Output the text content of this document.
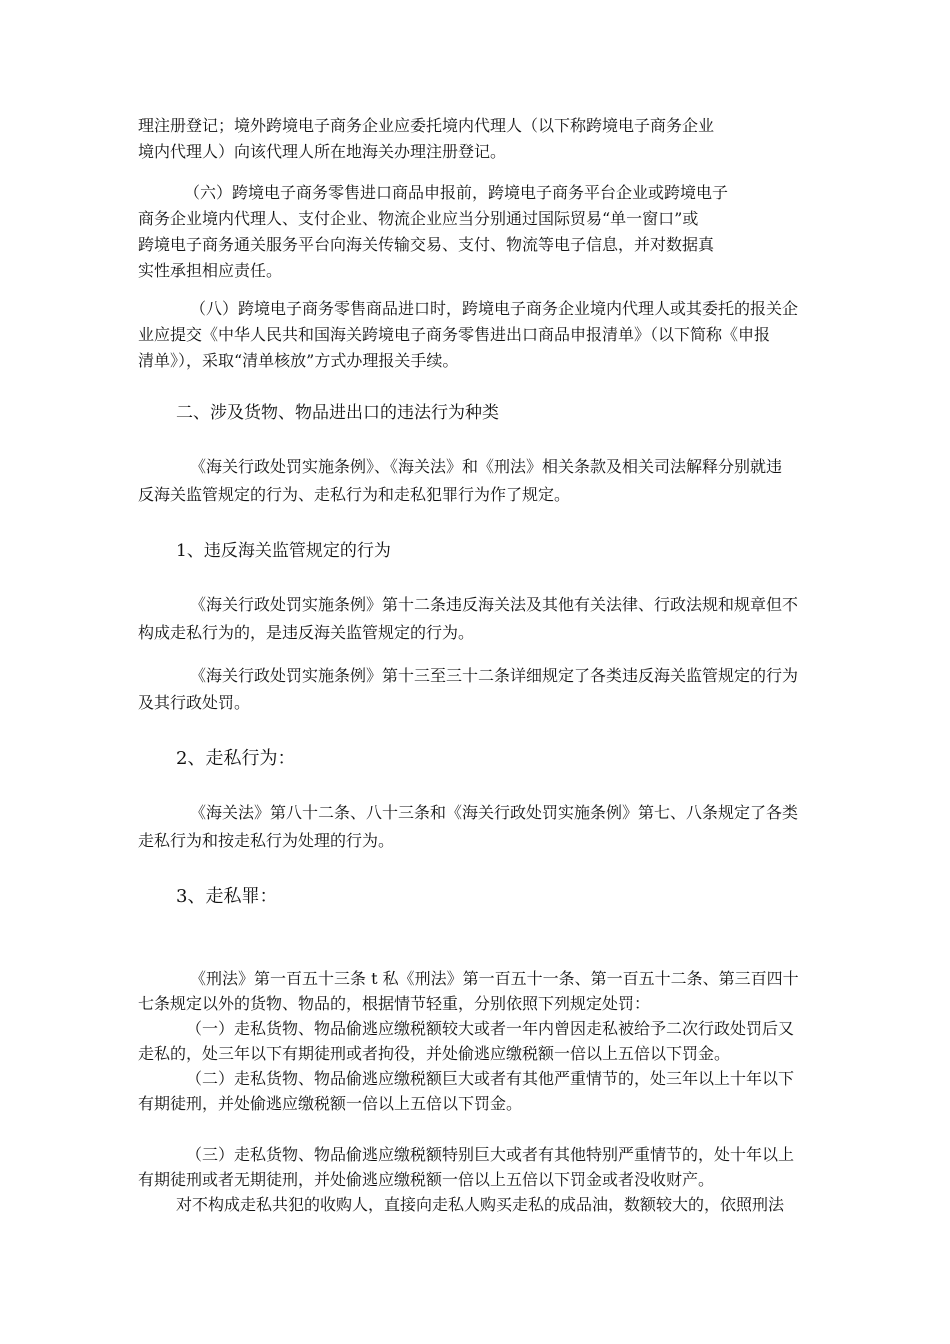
理注册登记；境外跨境电子商务企业应委托境内代理人（以下称跨境电子商务企业

境内代理人）向该代理人所在地海关办理注册登记。

（六）跨境电子商务零售进口商品申报前，跨境电子商务平台企业或跨境电子

商务企业境内代理人、支付企业、物流企业应当分别通过国际贸易“单一窗口”或

跨境电子商务通关服务平台向海关传输交易、支付、物流等电子信息，并对数据真

实性承担相应责任。

（八）跨境电子商务零售商品进口时，跨境电子商务企业境内代理人或其委托的报关企

业应提交《中华人民共和国海关跨境电子商务零售进出口商品申报清单》（以下简称《申报

清单》），采取“清单核放”方式办理报关手续。

二、涉及货物、物品进出口的违法行为种类

《海关行政处罚实施条例》、《海关法》和《刑法》相关条款及相关司法解释分别就违

反海关监管规定的行为、走私行为和走私犯罪行为作了规定。

1、违反海关监管规定的行为

《海关行政处罚实施条例》第十二条违反海关法及其他有关法律、行政法规和规章但不

构成走私行为的，是违反海关监管规定的行为。

《海关行政处罚实施条例》第十三至三十二条详细规定了各类违反海关监管规定的行为

及其行政处罚。

2、走私行为：

《海关法》第八十二条、八十三条和《海关行政处罚实施条例》第七、八条规定了各类

走私行为和按走私行为处理的行为。

3、走私罪：

《刑法》第一百五十三条 t 私《刑法》第一百五十一条、第一百五十二条、第三百四十

七条规定以外的货物、物品的，根据情节轻重，分别依照下列规定处罚：

（一）走私货物、物品偷逃应缴税额较大或者一年内曾因走私被给予二次行政处罚后又

走私的，处三年以下有期徒刑或者拘役，并处偷逃应缴税额一倍以上五倍以下罚金。

（二）走私货物、物品偷逃应缴税额巨大或者有其他严重情节的，处三年以上十年以下

有期徒刑，并处偷逃应缴税额一倍以上五倍以下罚金。

（三）走私货物、物品偷逃应缴税额特别巨大或者有其他特别严重情节的，处十年以上

有期徒刑或者无期徒刑，并处偷逃应缴税额一倍以上五倍以下罚金或者没收财产。

对不构成走私共犯的收购人，直接向走私人购买走私的成品油，数额较大的，依照刑法
